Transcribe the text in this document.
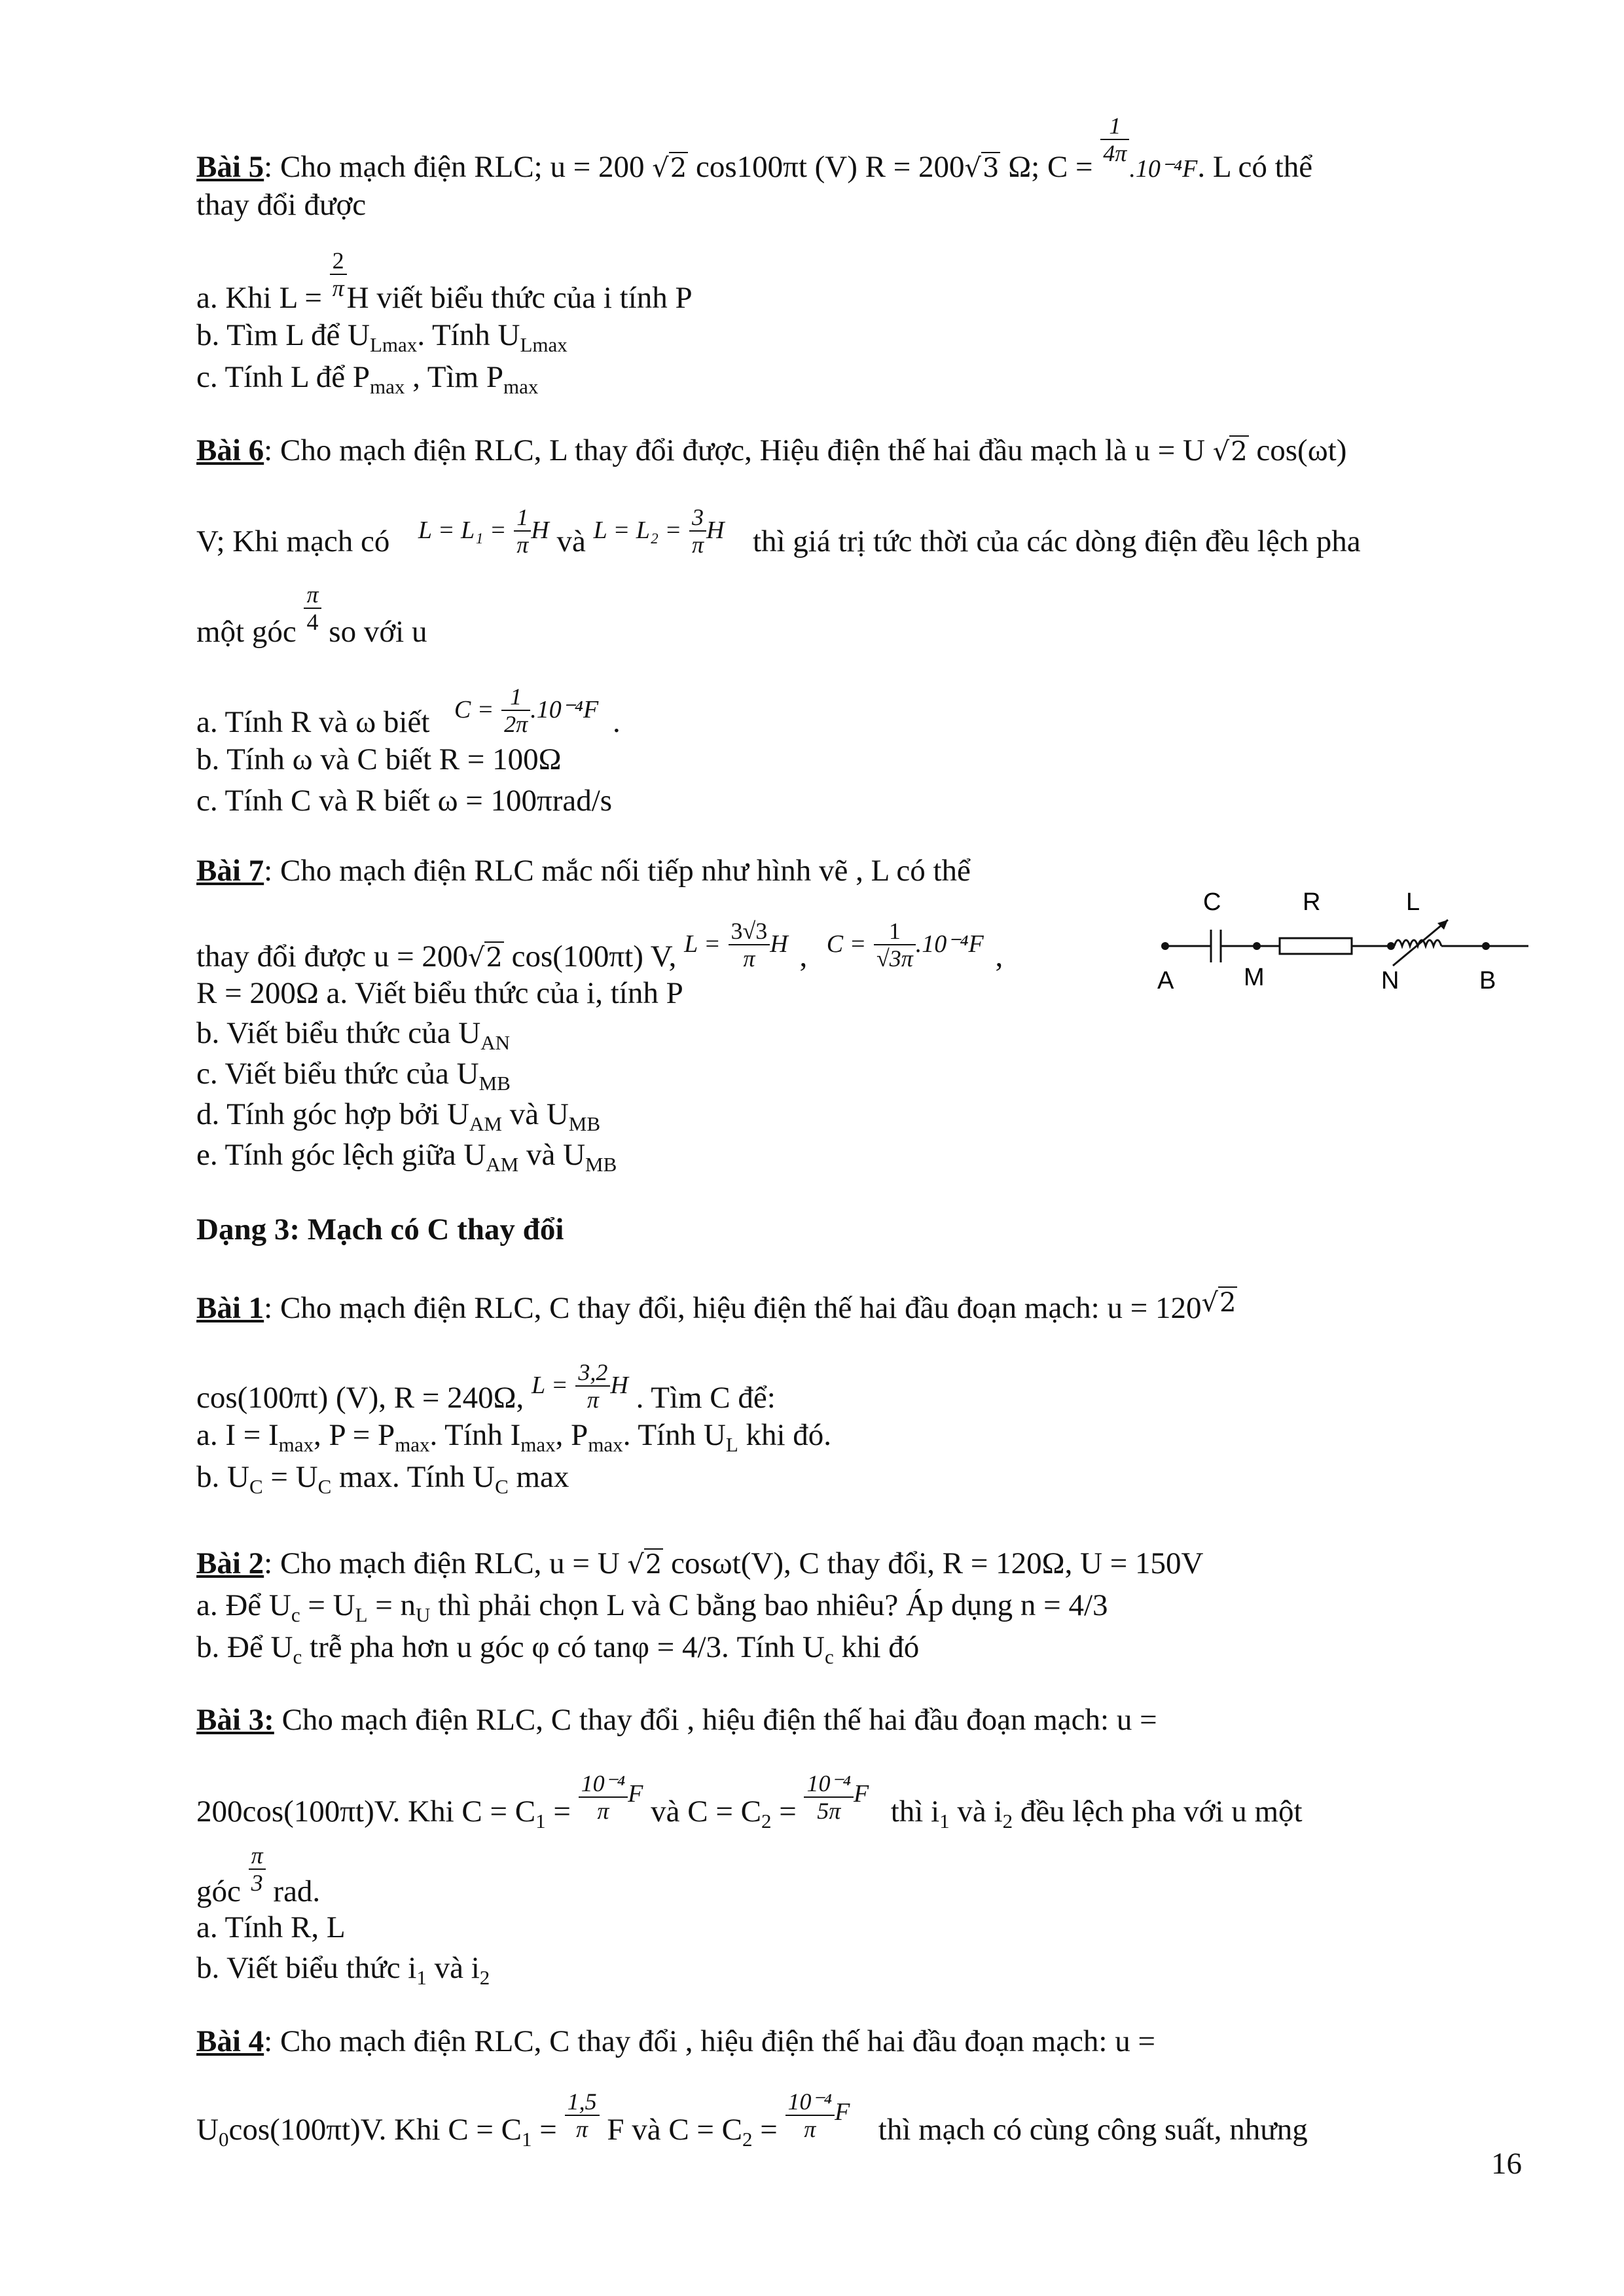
Bài 5: Cho mạch điện RLC; u = 200 √2 cos100πt (V) R = 200√3 Ω; C =
$\frac{1}{4\pi}$
.10⁻⁴F. L có thể
thay đổi được
a. Khi $L = \frac{2}{\pi}$ H viết biểu thức của i tính P
b. Tìm L để $U_{Lmax}$. Tính $U_{Lmax}$
c. Tính L để $P_{max}$ , Tìm $P_{max}$
Bài 6: Cho mạch điện RLC, L thay đổi được, Hiệu điện thế hai đầu mạch là u = U √2 cos(ωt)
V; Khi mạch có $^{L = L_1 =} \frac{1}{\pi} ^H$ và $^{L = L_2 =} \frac{3}{\pi} ^H$ thì giá trị tức thời của các dòng điện đều lệch pha
một góc $\frac{\pi}{4}$ so với u
a. Tính R và ω biết $^{C =} \frac{1}{2\pi} ^{.10^{-4}F}$ .
b. Tính ω và C biết R = 100Ω
c. Tính C và R biết ω = 100πrad/s
Bài 7: Cho mạch điện RLC mắc nối tiếp như hình vẽ , L có thể
thay đổi được u = 200√2 cos(100πt) V, $^{L =} \frac{3√3}{\pi} ^H$ , $^{C =} \frac{1}{√3\pi} ^{.10^{-4}F}$ ,
R = 200Ω a. Viết biểu thức của i, tính P
b. Viết biểu thức của $U_{AN}$
c. Viết biểu thức của $U_{MB}$
d. Tính góc hợp bởi $U_{AM}$ và $U_{MB}$
e. Tính góc lệch giữa $U_{AM}$ và $U_{MB}$
C	R	L
A	M	N	B
Dạng 3: Mạch có C thay đổi
Bài 1: Cho mạch điện RLC, C thay đổi, hiệu điện thế hai đầu đoạn mạch: u = 120√2
cos(100πt) (V), R = 240Ω, $^{L =} \frac{3,2}{\pi} ^H$ . Tìm C để:
a. $I = I_{max}$, $P = P_{max}$. Tính $I_{max}$, $P_{max}$. Tính $U_L$ khi đó.
b. $U_C = U_C$ max. Tính $U_C$ max
Bài 2: Cho mạch điện RLC, u = U √2 cosωt(V), C thay đổi, R = 120Ω, U = 150V
a. Để $U_c = U_L = n_U$ thì phải chọn L và C bằng bao nhiêu? Áp dụng n = 4/3
b. Để $U_c$ trễ pha hơn u góc φ có tanφ = 4/3. Tính $U_c$ khi đó
Bài 3: Cho mạch điện RLC, C thay đổi , hiệu điện thế hai đầu đoạn mạch: u =
200cos(100πt)V. Khi $C = C_1 = \frac{\text{10⁻⁴}}{\pi} ^F$ và $C = C_2 = \frac{\text{10⁻⁴}}{5\pi} ^F$  thì $i_1$ và $i_2$ đều lệch pha với u một
góc $\frac{\pi}{3}$ rad.
a. Tính R, L
b. Viết biểu thức $i_1$ và $i_2$
Bài 4: Cho mạch điện RLC, C thay đổi , hiệu điện thế hai đầu đoạn mạch: u =
$U_0\cos(100\pi t)V$. Khi $C = C_1 = \frac{1,5}{\pi}$ F và $C = C_2 = \frac{\text{10⁻⁴}}{\pi} ^F$  thì mạch có cùng công suất, nhưng
16
